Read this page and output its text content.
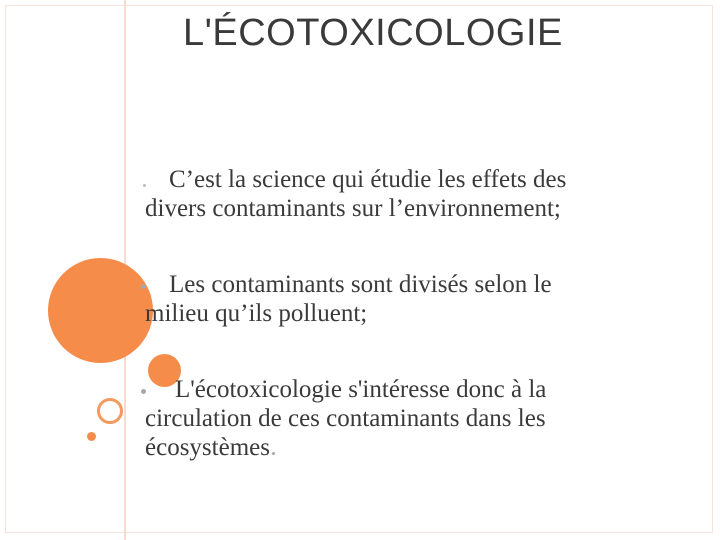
L'ÉCOTOXICOLOGIE
C’est la science qui étudie les effets des
divers contaminants sur l’environnement;
Les contaminants sont divisés selon le
milieu qu’ils polluent;
L'écotoxicologie s'intéresse donc à la
circulation de ces contaminants dans les
écosystèmes
